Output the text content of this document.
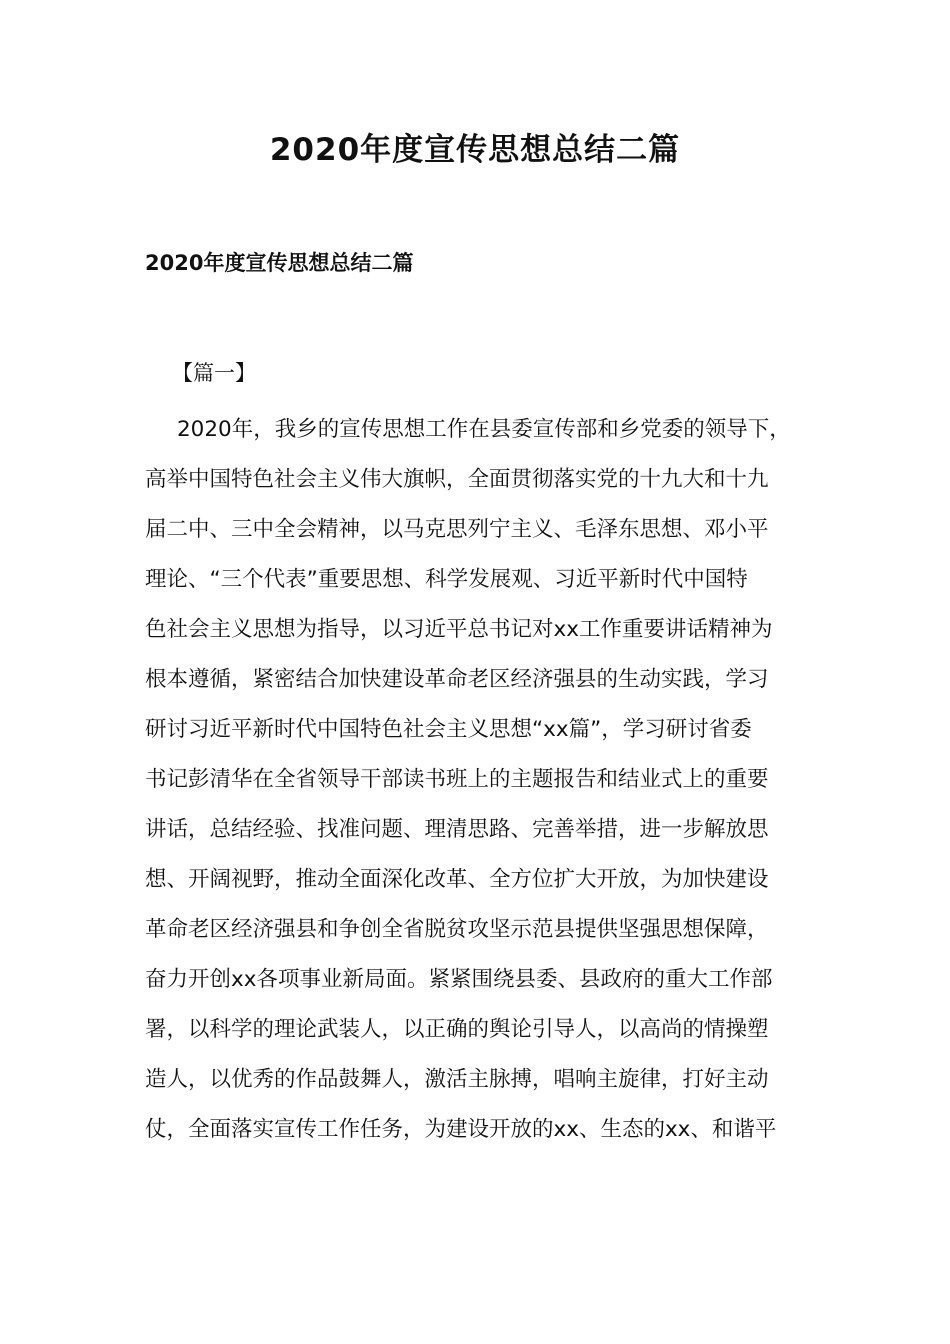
2020年度宣传思想总结二篇
2020年度宣传思想总结二篇
【篇一】
2020年，我乡的宣传思想工作在县委宣传部和乡党委的领导下，
高举中国特色社会主义伟大旗帜，全面贯彻落实党的十九大和十九
届二中、三中全会精神，以马克思列宁主义、毛泽东思想、邓小平
理论、“三个代表”重要思想、科学发展观、习近平新时代中国特
色社会主义思想为指导，以习近平总书记对xx工作重要讲话精神为
根本遵循，紧密结合加快建设革命老区经济强县的生动实践，学习
研讨习近平新时代中国特色社会主义思想“xx篇”，学习研讨省委
书记彭清华在全省领导干部读书班上的主题报告和结业式上的重要
讲话，总结经验、找准问题、理清思路、完善举措，进一步解放思
想、开阔视野，推动全面深化改革、全方位扩大开放，为加快建设
革命老区经济强县和争创全省脱贫攻坚示范县提供坚强思想保障，
奋力开创xx各项事业新局面。紧紧围绕县委、县政府的重大工作部
署，以科学的理论武装人，以正确的舆论引导人，以高尚的情操塑
造人，以优秀的作品鼓舞人，激活主脉搏，唱响主旋律，打好主动
仗，全面落实宣传工作任务，为建设开放的xx、生态的xx、和谐平
